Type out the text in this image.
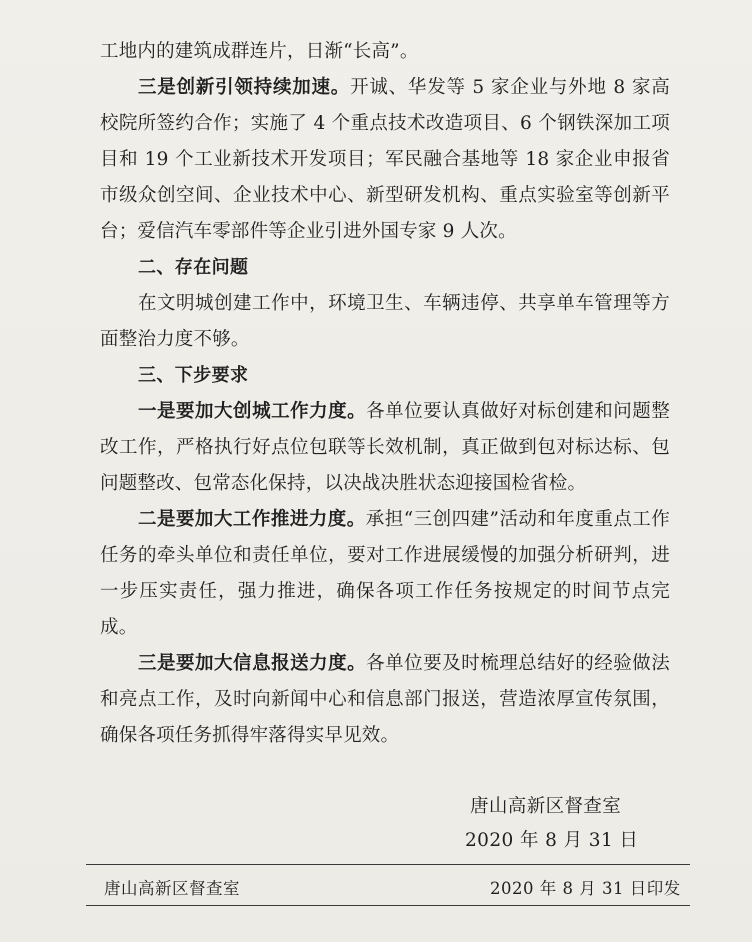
工地内的建筑成群连片，日渐“长高”。

三是创新引领持续加速。开诚、华发等 5 家企业与外地 8 家高校院所签约合作；实施了 4 个重点技术改造项目、6 个钢铁深加工项目和 19 个工业新技术开发项目；军民融合基地等 18 家企业申报省市级众创空间、企业技术中心、新型研发机构、重点实验室等创新平台；爱信汽车零部件等企业引进外国专家 9 人次。

二、存在问题

在文明城创建工作中，环境卫生、车辆违停、共享单车管理等方面整治力度不够。

三、下步要求

一是要加大创城工作力度。各单位要认真做好对标创建和问题整改工作，严格执行好点位包联等长效机制，真正做到包对标达标、包问题整改、包常态化保持，以决战决胜状态迎接国检省检。

二是要加大工作推进力度。承担“三创四建”活动和年度重点工作任务的牵头单位和责任单位，要对工作进展缓慢的加强分析研判，进一步压实责任，强力推进，确保各项工作任务按规定的时间节点完成。

三是要加大信息报送力度。各单位要及时梳理总结好的经验做法和亮点工作，及时向新闻中心和信息部门报送，营造浓厚宣传氛围，确保各项任务抓得牢落得实早见效。

唐山高新区督查室
2020 年 8 月 31 日
唐山高新区督查室	2020 年 8 月 31 日印发
